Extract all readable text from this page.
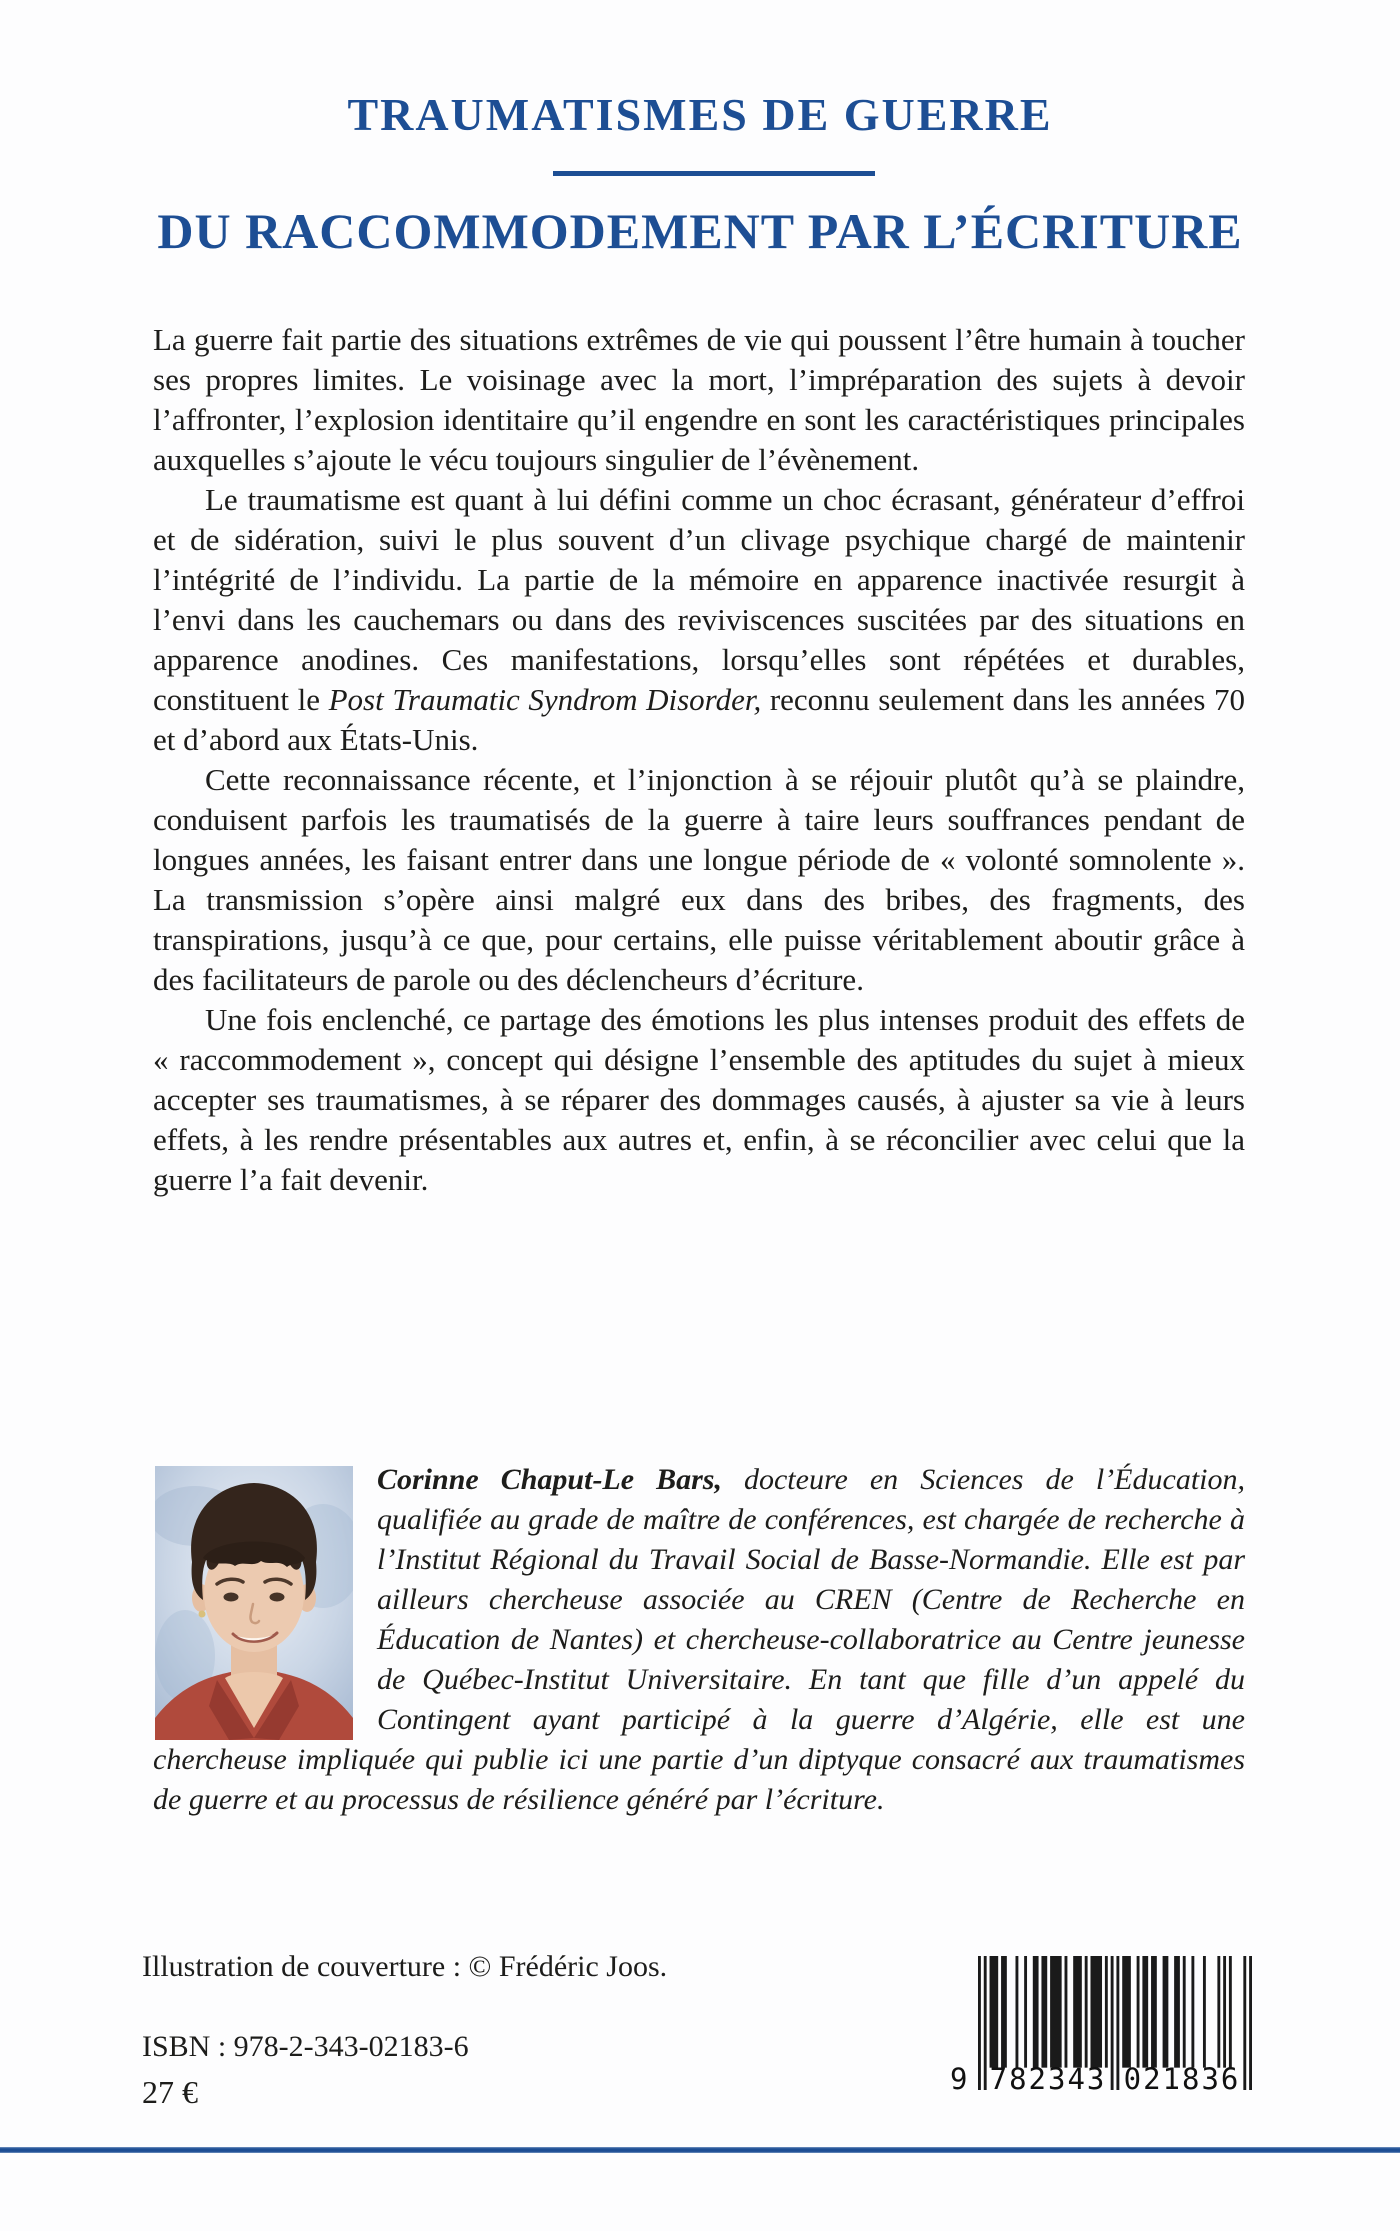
TRAUMATISMES DE GUERRE
DU RACCOMMODEMENT PAR L’ÉCRITURE

La guerre fait partie des situations extrêmes de vie qui poussent l’être humain à toucher ses propres limites. Le voisinage avec la mort, l’impréparation des sujets à devoir l’affronter, l’explosion identitaire qu’il engendre en sont les caractéristiques principales auxquelles s’ajoute le vécu toujours singulier de l’évènement.

Le traumatisme est quant à lui défini comme un choc écrasant, générateur d’effroi et de sidération, suivi le plus souvent d’un clivage psychique chargé de maintenir l’intégrité de l’individu. La partie de la mémoire en apparence inactivée resurgit à l’envi dans les cauchemars ou dans des reviviscences suscitées par des situations en apparence anodines. Ces manifestations, lorsqu’elles sont répétées et durables, constituent le Post Traumatic Syndrom Disorder, reconnu seulement dans les années 70 et d’abord aux États-Unis.

Cette reconnaissance récente, et l’injonction à se réjouir plutôt qu’à se plaindre, conduisent parfois les traumatisés de la guerre à taire leurs souffrances pendant de longues années, les faisant entrer dans une longue période de « volonté somnolente ». La transmission s’opère ainsi malgré eux dans des bribes, des fragments, des transpirations, jusqu’à ce que, pour certains, elle puisse véritablement aboutir grâce à des facilitateurs de parole ou des déclencheurs d’écriture.

Une fois enclenché, ce partage des émotions les plus intenses produit des effets de « raccommodement », concept qui désigne l’ensemble des aptitudes du sujet à mieux accepter ses traumatismes, à se réparer des dommages causés, à ajuster sa vie à leurs effets, à les rendre présentables aux autres et, enfin, à se réconcilier avec celui que la guerre l’a fait devenir.

Corinne Chaput-Le Bars, docteure en Sciences de l’Éducation, qualifiée au grade de maître de conférences, est chargée de recherche à l’Institut Régional du Travail Social de Basse-Normandie. Elle est par ailleurs chercheuse associée au CREN (Centre de Recherche en Éducation de Nantes) et chercheuse-collaboratrice au Centre jeunesse de Québec-Institut Universitaire. En tant que fille d’un appelé du Contingent ayant participé à la guerre d’Algérie, elle est une chercheuse impliquée qui publie ici une partie d’un diptyque consacré aux traumatismes de guerre et au processus de résilience généré par l’écriture.

Illustration de couverture : © Frédéric Joos.
ISBN : 978-2-343-02183-6
27 €	9 782343 021836
